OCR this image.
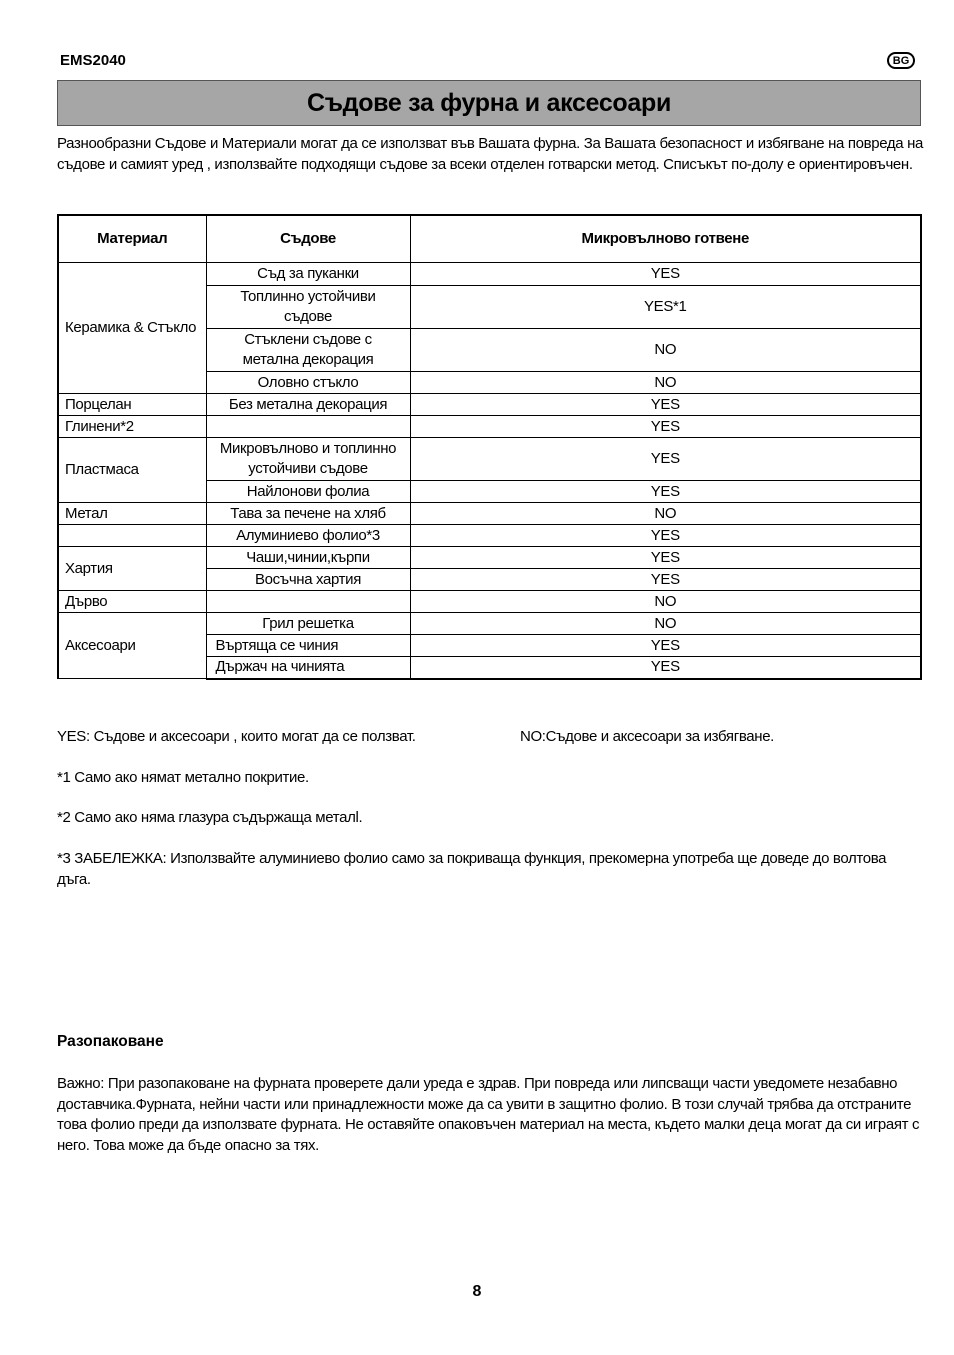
EMS2040	BG
Съдове за фурна и аксесоари
Разнообразни Съдове и Материали могат да се използват във Вашата фурна. За Вашата безопасност и избягване на повреда на съдове и самият уред , използвайте подходящи съдове за всеки отделен готварски метод. Списъкът по-долу е ориентировъчен.
Материал	Съдове	Микровълново готвене
Керамика & Стъкло	Съд за пуканки	YES
	Топлинно устойчиви съдове	YES*1
	Стъклени съдове с метална декорация	NO
	Оловно стъкло	NO
Порцелан	Без метална декорация	YES
Глинени*2		YES
Пластмаса	Микровълново и топлинно устойчиви съдове	YES
	Найлонови фолиа	YES
Метал	Тава за печене на хляб	NO
	Алуминиево фолио*3	YES
Хартия	Чаши,чинии,кърпи	YES
	Восъчна хартия	YES
Дърво		NO
Аксесоари	Грил решетка	NO
	Въртяща се чиния	YES
	Държач на чинията	YES
YES: Съдове и аксесоари , които могат да се ползват.	NO:Съдове и аксесоари за избягване.
*1 Само ако нямат метално покритие.
*2 Само ако няма глазура съдържаща металl.
*3 ЗАБЕЛЕЖКА: Използвайте алуминиево фолио само за покриваща функция, прекомерна употреба ще доведе до волтова дъга.
Разопаковане
Важно: При разопаковане на фурната проверете дали уреда е здрав. При повреда или липсващи части уведомете незабавно доставчика.Фурната, нейни части или принадлежности може да са увити в защитно фолио. В този случай трябва да отстраните това фолио преди да използвате фурната. Не оставяйте опаковъчен материал на места, където малки деца могат да си играят с него. Това може да бъде опасно за тях.
8
